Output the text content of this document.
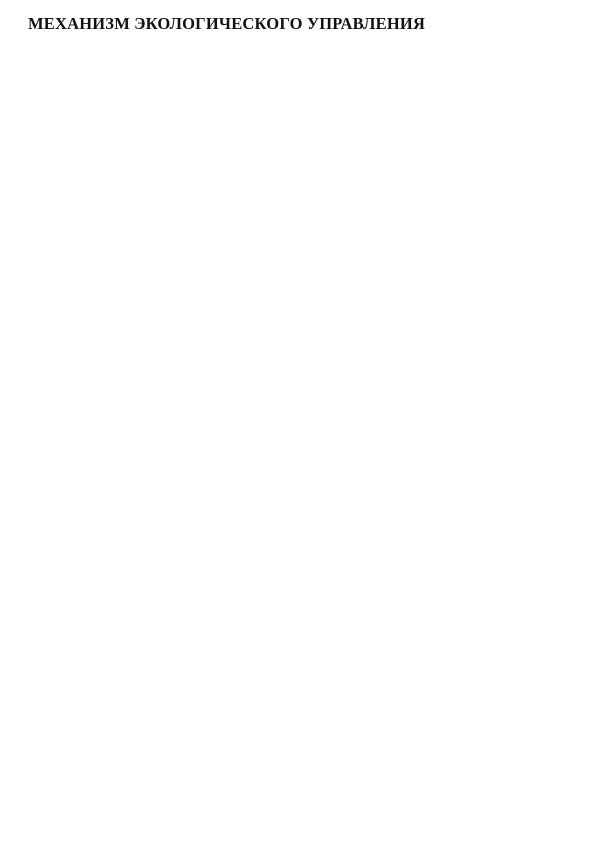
МЕХАНИЗМ ЭКОЛОГИЧЕСКОГО УПРАВЛЕНИЯ
